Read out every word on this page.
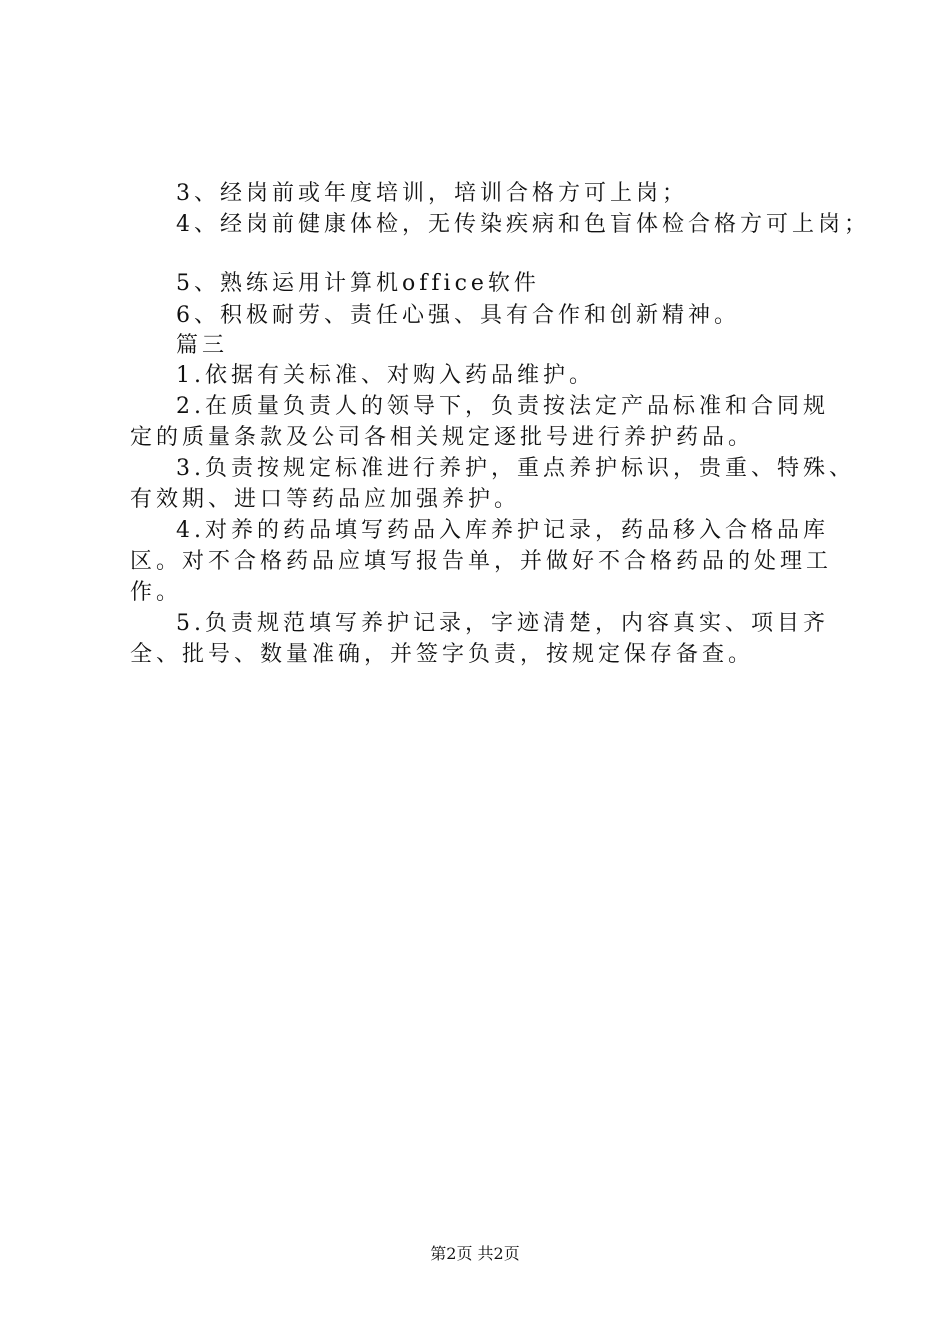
3、经岗前或年度培训，培训合格方可上岗；
4、经岗前健康体检，无传染疾病和色盲体检合格方可上岗；
5、熟练运用计算机office软件
6、积极耐劳、责任心强、具有合作和创新精神。
篇三
1.依据有关标准、对购入药品维护。
2.在质量负责人的领导下，负责按法定产品标准和合同规
定的质量条款及公司各相关规定逐批号进行养护药品。
3.负责按规定标准进行养护，重点养护标识，贵重、特殊、
有效期、进口等药品应加强养护。
4.对养的药品填写药品入库养护记录，药品移入合格品库
区。对不合格药品应填写报告单，并做好不合格药品的处理工
作。
5.负责规范填写养护记录，字迹清楚，内容真实、项目齐
全、批号、数量准确，并签字负责，按规定保存备查。
第2页 共2页
